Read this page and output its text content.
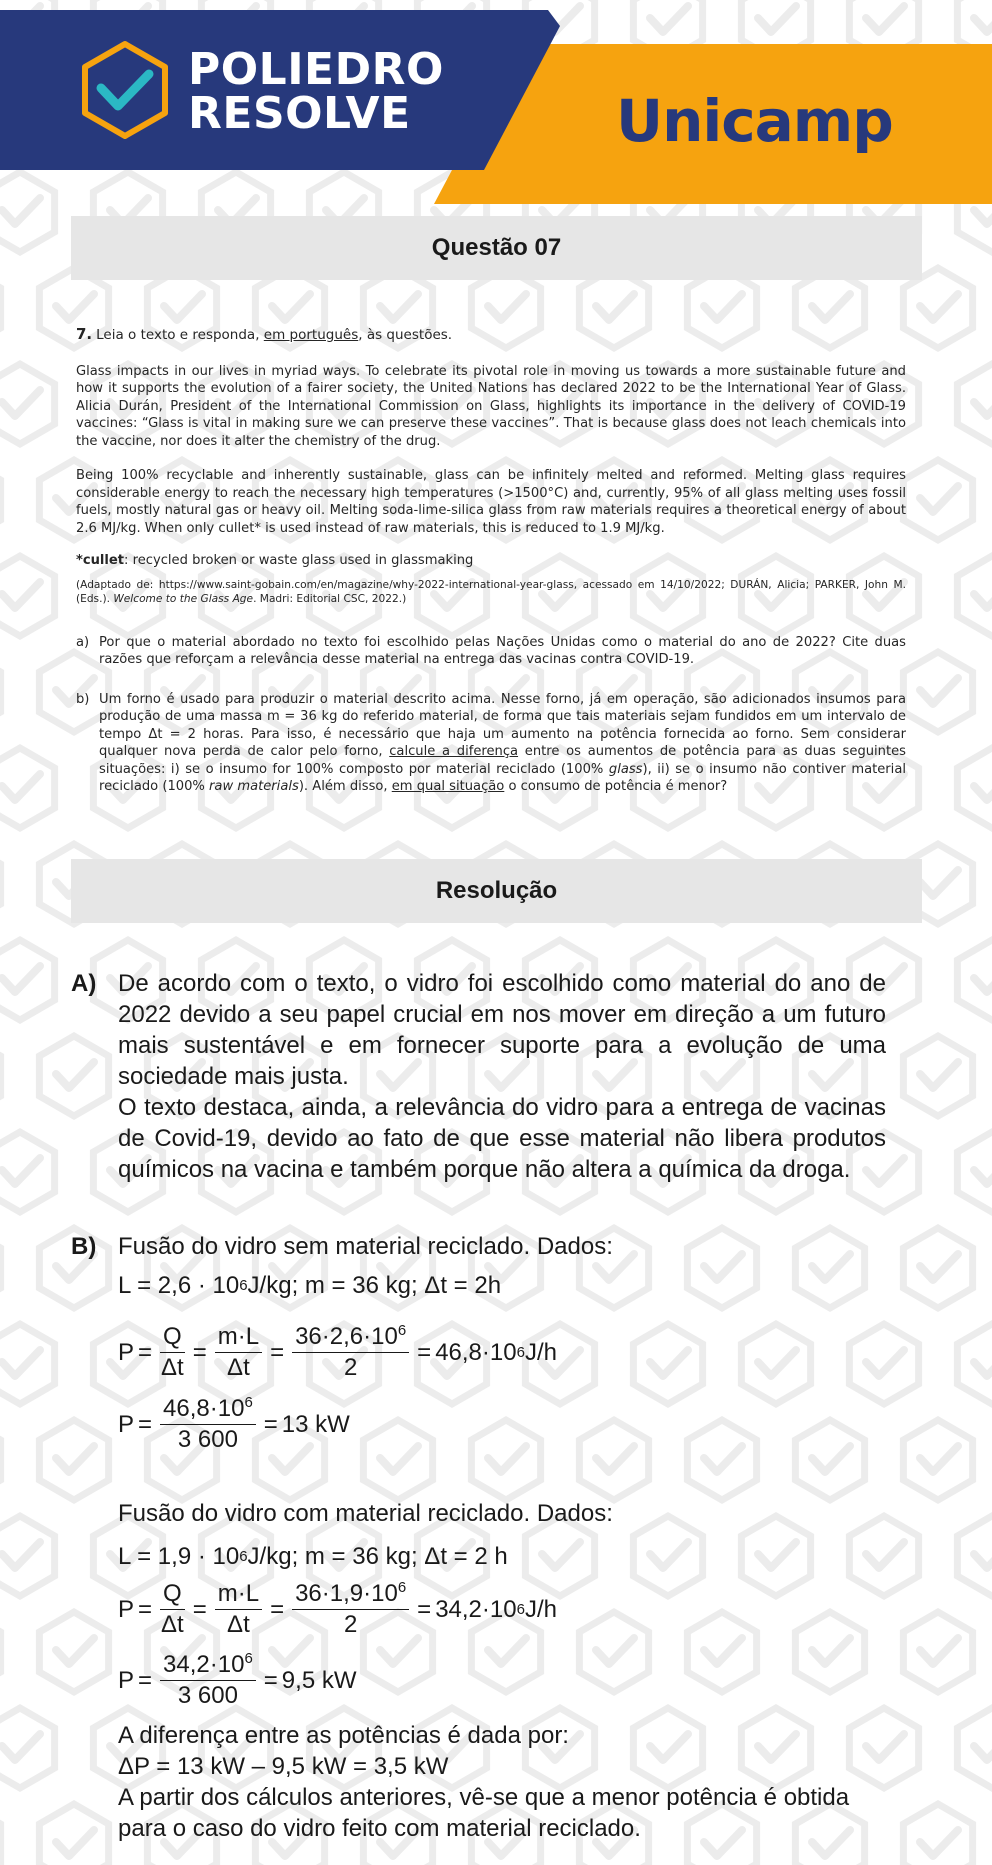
POLIEDRO
RESOLVE	Unicamp
Questão 07

7. Leia o texto e responda, em português, às questões.

Glass impacts in our lives in myriad ways. To celebrate its pivotal role in moving us towards a more sustainable future and how it supports the evolution of a fairer society, the United Nations has declared 2022 to be the International Year of Glass. Alicia Durán, President of the International Commission on Glass, highlights its importance in the delivery of COVID-19 vaccines: “Glass is vital in making sure we can preserve these vaccines”. That is because glass does not leach chemicals into the vaccine, nor does it alter the chemistry of the drug.

Being 100% recyclable and inherently sustainable, glass can be infinitely melted and reformed. Melting glass requires considerable energy to reach the necessary high temperatures (>1500°C) and, currently, 95% of all glass melting uses fossil fuels, mostly natural gas or heavy oil. Melting soda-lime-silica glass from raw materials requires a theoretical energy of about 2.6 MJ/kg. When only cullet* is used instead of raw materials, this is reduced to 1.9 MJ/kg.

*cullet: recycled broken or waste glass used in glassmaking

(Adaptado de: https://www.saint-gobain.com/en/magazine/why-2022-international-year-glass, acessado em 14/10/2022; DURÁN, Alicia; PARKER, John M. (Eds.). Welcome to the Glass Age. Madri: Editorial CSC, 2022.)

a) Por que o material abordado no texto foi escolhido pelas Nações Unidas como o material do ano de 2022? Cite duas razões que reforçam a relevância desse material na entrega das vacinas contra COVID-19.

b) Um forno é usado para produzir o material descrito acima. Nesse forno, já em operação, são adicionados insumos para produção de uma massa m = 36 kg do referido material, de forma que tais materiais sejam fundidos em um intervalo de tempo Δt = 2 horas. Para isso, é necessário que haja um aumento na potência fornecida ao forno. Sem considerar qualquer nova perda de calor pelo forno, calcule a diferença entre os aumentos de potência para as duas seguintes situações: i) se o insumo for 100% composto por material reciclado (100% glass), ii) se o insumo não contiver material reciclado (100% raw materials). Além disso, em qual situação o consumo de potência é menor?

Resolução
A) De acordo com o texto, o vidro foi escolhido como material do ano de 2022 devido a seu papel crucial em nos mover em direção a um futuro mais sustentável e em fornecer suporte para a evolução de uma sociedade mais justa.
O texto destaca, ainda, a relevância do vidro para a entrega de vacinas de Covid-19, devido ao fato de que esse material não libera produtos químicos na vacina e também porque não altera a química da droga.
B) Fusão do vidro sem material reciclado. Dados:
L = 2,6 · 10 6 J/kg; m = 36 kg; Δt = 2h
$P = \frac{Q}{\Delta t} = \frac{m\cdot L}{\Delta t} = \frac{36\cdot 2,6\cdot 10^6}{2} = 46,8\cdot 10$ 6 J/h
$P = \frac{46,8\cdot 10^6}{3 600} = 13$ kW
Fusão do vidro com material reciclado. Dados:
L = 1,9 · 10 6 J/kg; m = 36 kg; Δt = 2 h
$P = \frac{Q}{\Delta t} = \frac{m\cdot L}{\Delta t} = \frac{36\cdot 1,9\cdot 10^6}{2} = 34,2\cdot 10$ 6 J/h
$P = \frac{34,2\cdot 10^6}{3 600} = 9,5$ kW
A diferença entre as potências é dada por:
ΔP = 13 kW – 9,5 kW = 3,5 kW
A partir dos cálculos anteriores, vê-se que a menor potência é obtida para o caso do vidro feito com material reciclado.
